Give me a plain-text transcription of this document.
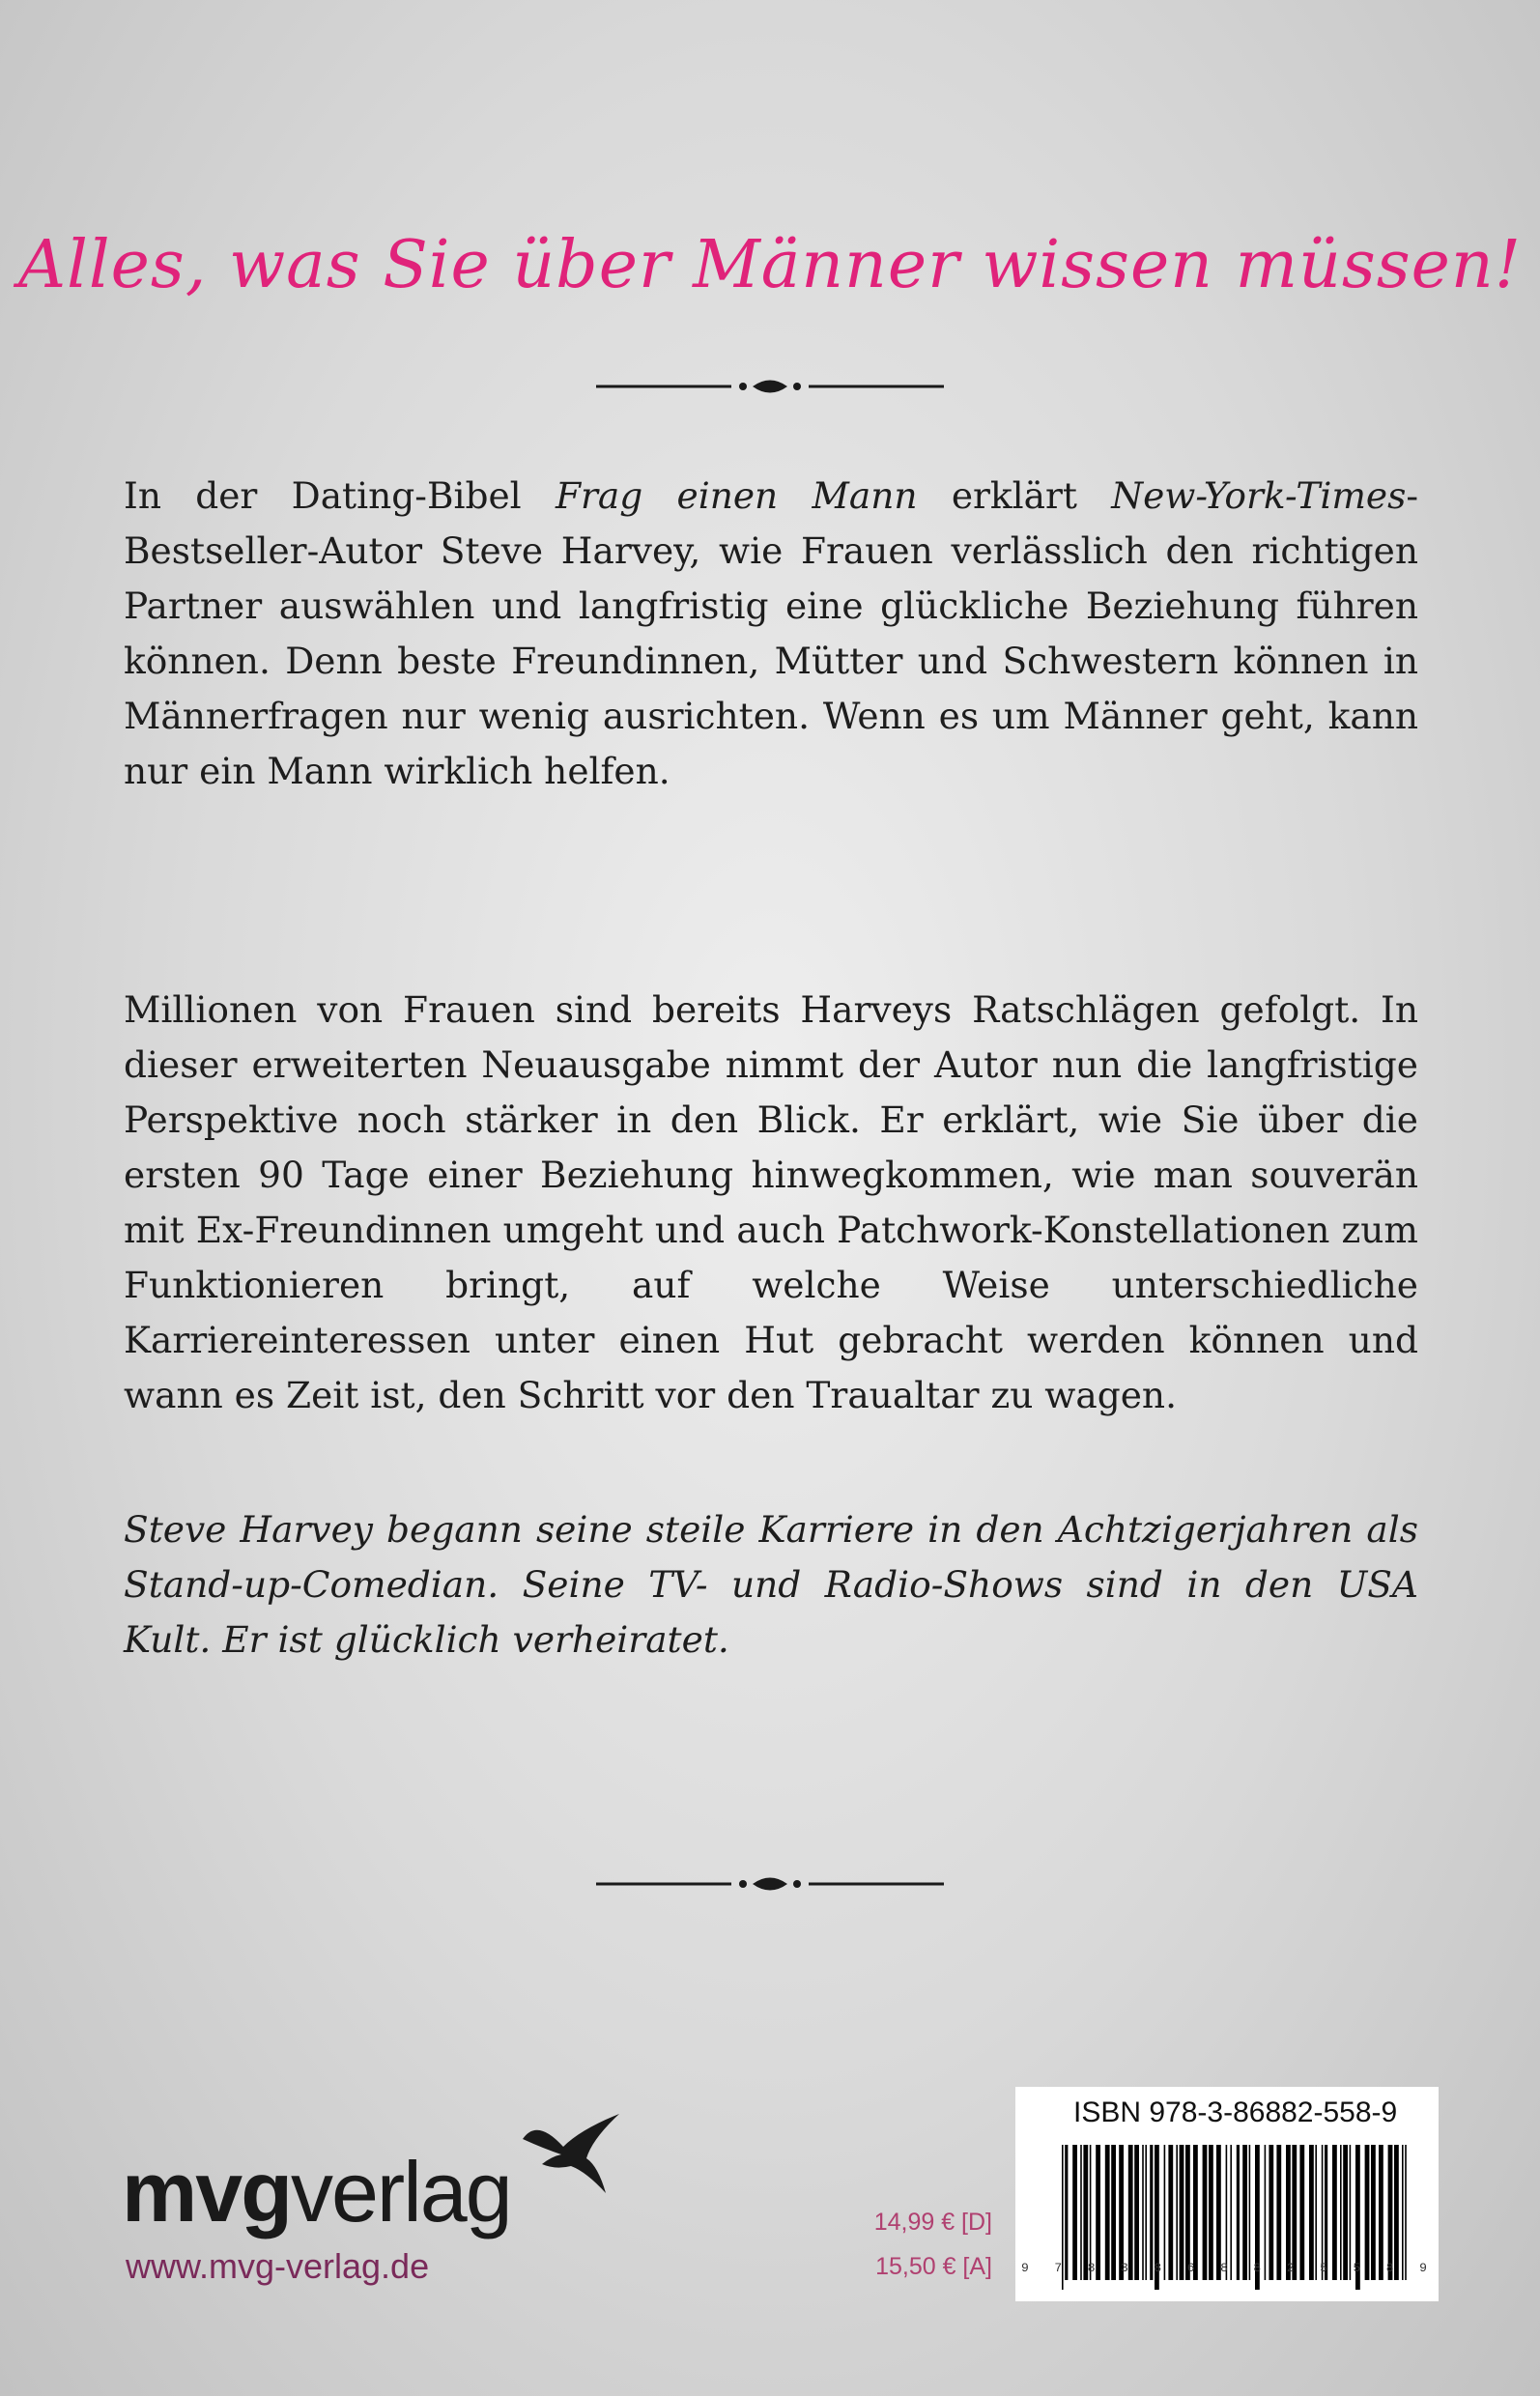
Alles, was Sie über Männer wissen müssen!
In der Dating-Bibel Frag einen Mann erklärt New-York-Times-Bestseller-Autor Steve Harvey, wie Frauen verlässlich den richtigen Partner auswählen und langfristig eine glückliche Beziehung führen können. Denn beste Freundinnen, Mütter und Schwestern können in Männerfragen nur wenig ausrichten. Wenn es um Männer geht, kann nur ein Mann wirklich helfen.
Millionen von Frauen sind bereits Harveys Ratschlägen gefolgt. In dieser erweiterten Neuausgabe nimmt der Autor nun die langfristige Perspektive noch stärker in den Blick. Er erklärt, wie Sie über die ersten 90 Tage einer Beziehung hinwegkommen, wie man souverän mit Ex-Freundinnen umgeht und auch Patchwork-Konstellationen zum Funktionieren bringt, auf welche Weise unterschiedliche Karriereinteressen unter einen Hut gebracht werden können und wann es Zeit ist, den Schritt vor den Traualtar zu wagen.
Steve Harvey begann seine steile Karriere in den Achtzigerjahren als Stand-up-Comedian. Seine TV- und Radio-Shows sind in den USA Kult. Er ist glücklich verheiratet.
mvgverlag
www.mvg-verlag.de
14,99 € [D]
15,50 € [A]
ISBN 978-3-86882-558-9
9 7 8 3 8 6 8 8 2 5 5 8 9
